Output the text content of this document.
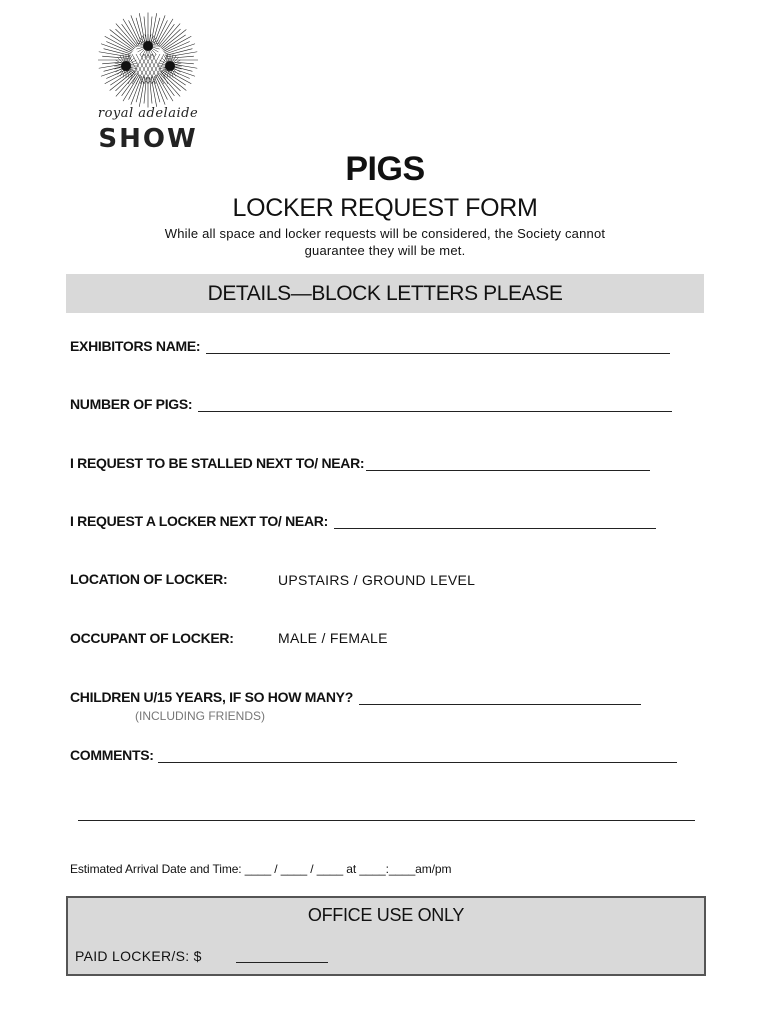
royal adelaide
SHOW
PIGS
LOCKER REQUEST FORM
While all space and locker requests will be considered, the Society cannot guarantee they will be met.
DETAILS—BLOCK LETTERS PLEASE
EXHIBITORS NAME:
NUMBER OF PIGS:
I REQUEST TO BE STALLED NEXT TO/ NEAR:
I REQUEST A LOCKER NEXT TO/ NEAR:
LOCATION OF LOCKER:	UPSTAIRS / GROUND LEVEL
OCCUPANT OF LOCKER:	MALE / FEMALE
CHILDREN U/15 YEARS, IF SO HOW MANY?
(INCLUDING FRIENDS)
COMMENTS:
Estimated Arrival Date and Time: ____ / ____ / ____ at ____:____am/pm
OFFICE USE ONLY
PAID LOCKER/S: $
